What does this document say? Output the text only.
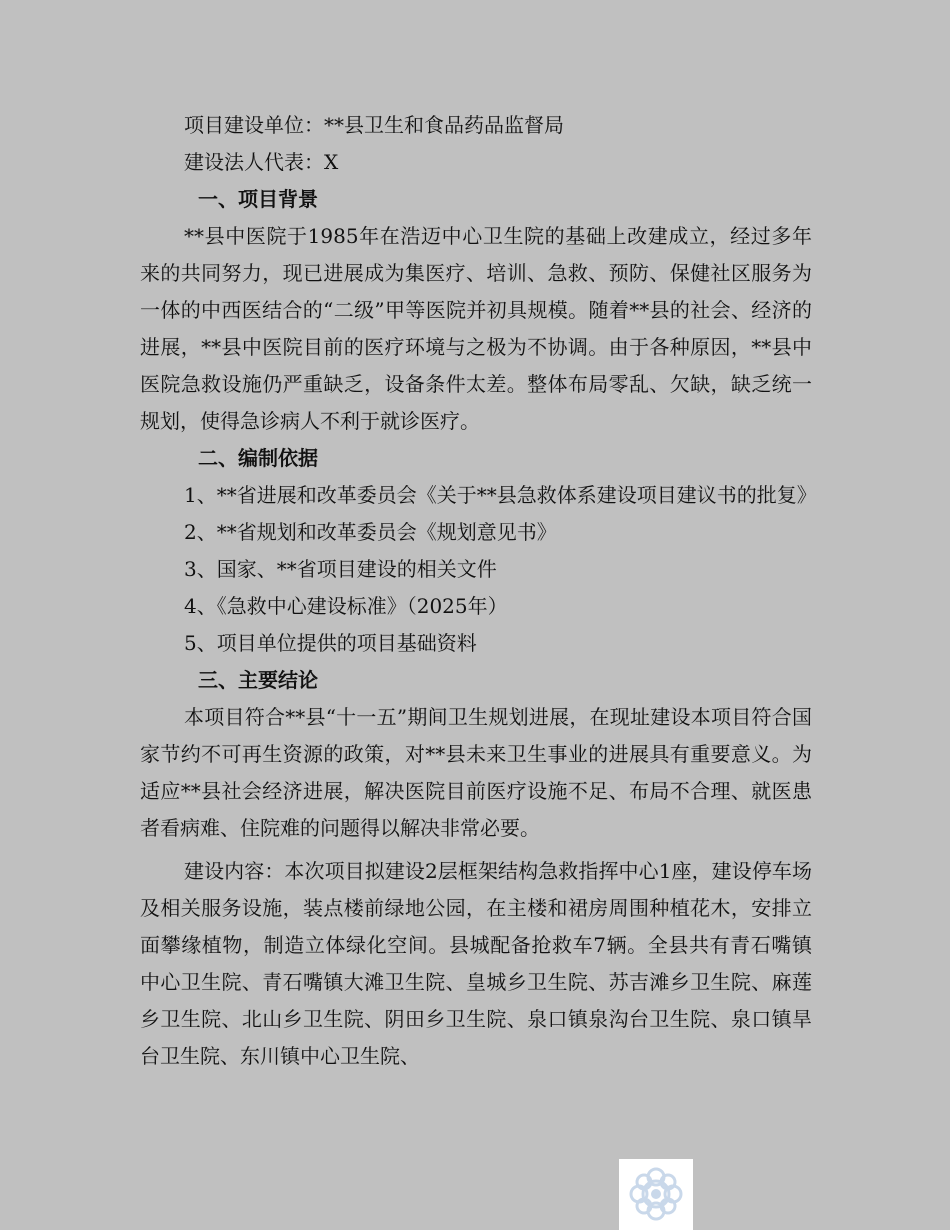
项目建设单位：**县卫生和食品药品监督局
建设法人代表：X
一、项目背景

**县中医院于1985年在浩迈中心卫生院的基础上改建成立，经过多年来的共同努力，现已进展成为集医疗、培训、急救、预防、保健社区服务为一体的中西医结合的“二级”甲等医院并初具规模。随着**县的社会、经济的进展，**县中医院目前的医疗环境与之极为不协调。由于各种原因，**县中医院急救设施仍严重缺乏，设备条件太差。整体布局零乱、欠缺，缺乏统一规划，使得急诊病人不利于就诊医疗。

二、编制依据

1、**省进展和改革委员会《关于**县急救体系建设项目建议书的批复》

2、**省规划和改革委员会《规划意见书》
3、国家、**省项目建设的相关文件
4、《急救中心建设标准》（2025年）
5、项目单位提供的项目基础资料
三、主要结论

本项目符合**县“十一五”期间卫生规划进展，在现址建设本项目符合国家节约不可再生资源的政策，对**县未来卫生事业的进展具有重要意义。为适应**县社会经济进展，解决医院目前医疗设施不足、布局不合理、就医患者看病难、住院难的问题得以解决非常必要。

建设内容：本次项目拟建设2层框架结构急救指挥中心1座，建设停车场及相关服务设施，装点楼前绿地公园，在主楼和裙房周围种植花木，安排立面攀缘植物，制造立体绿化空间。县城配备抢救车7辆。全县共有青石嘴镇中心卫生院、青石嘴镇大滩卫生院、皇城乡卫生院、苏吉滩乡卫生院、麻莲乡卫生院、北山乡卫生院、阴田乡卫生院、泉口镇泉沟台卫生院、泉口镇旱台卫生院、东川镇中心卫生院、
